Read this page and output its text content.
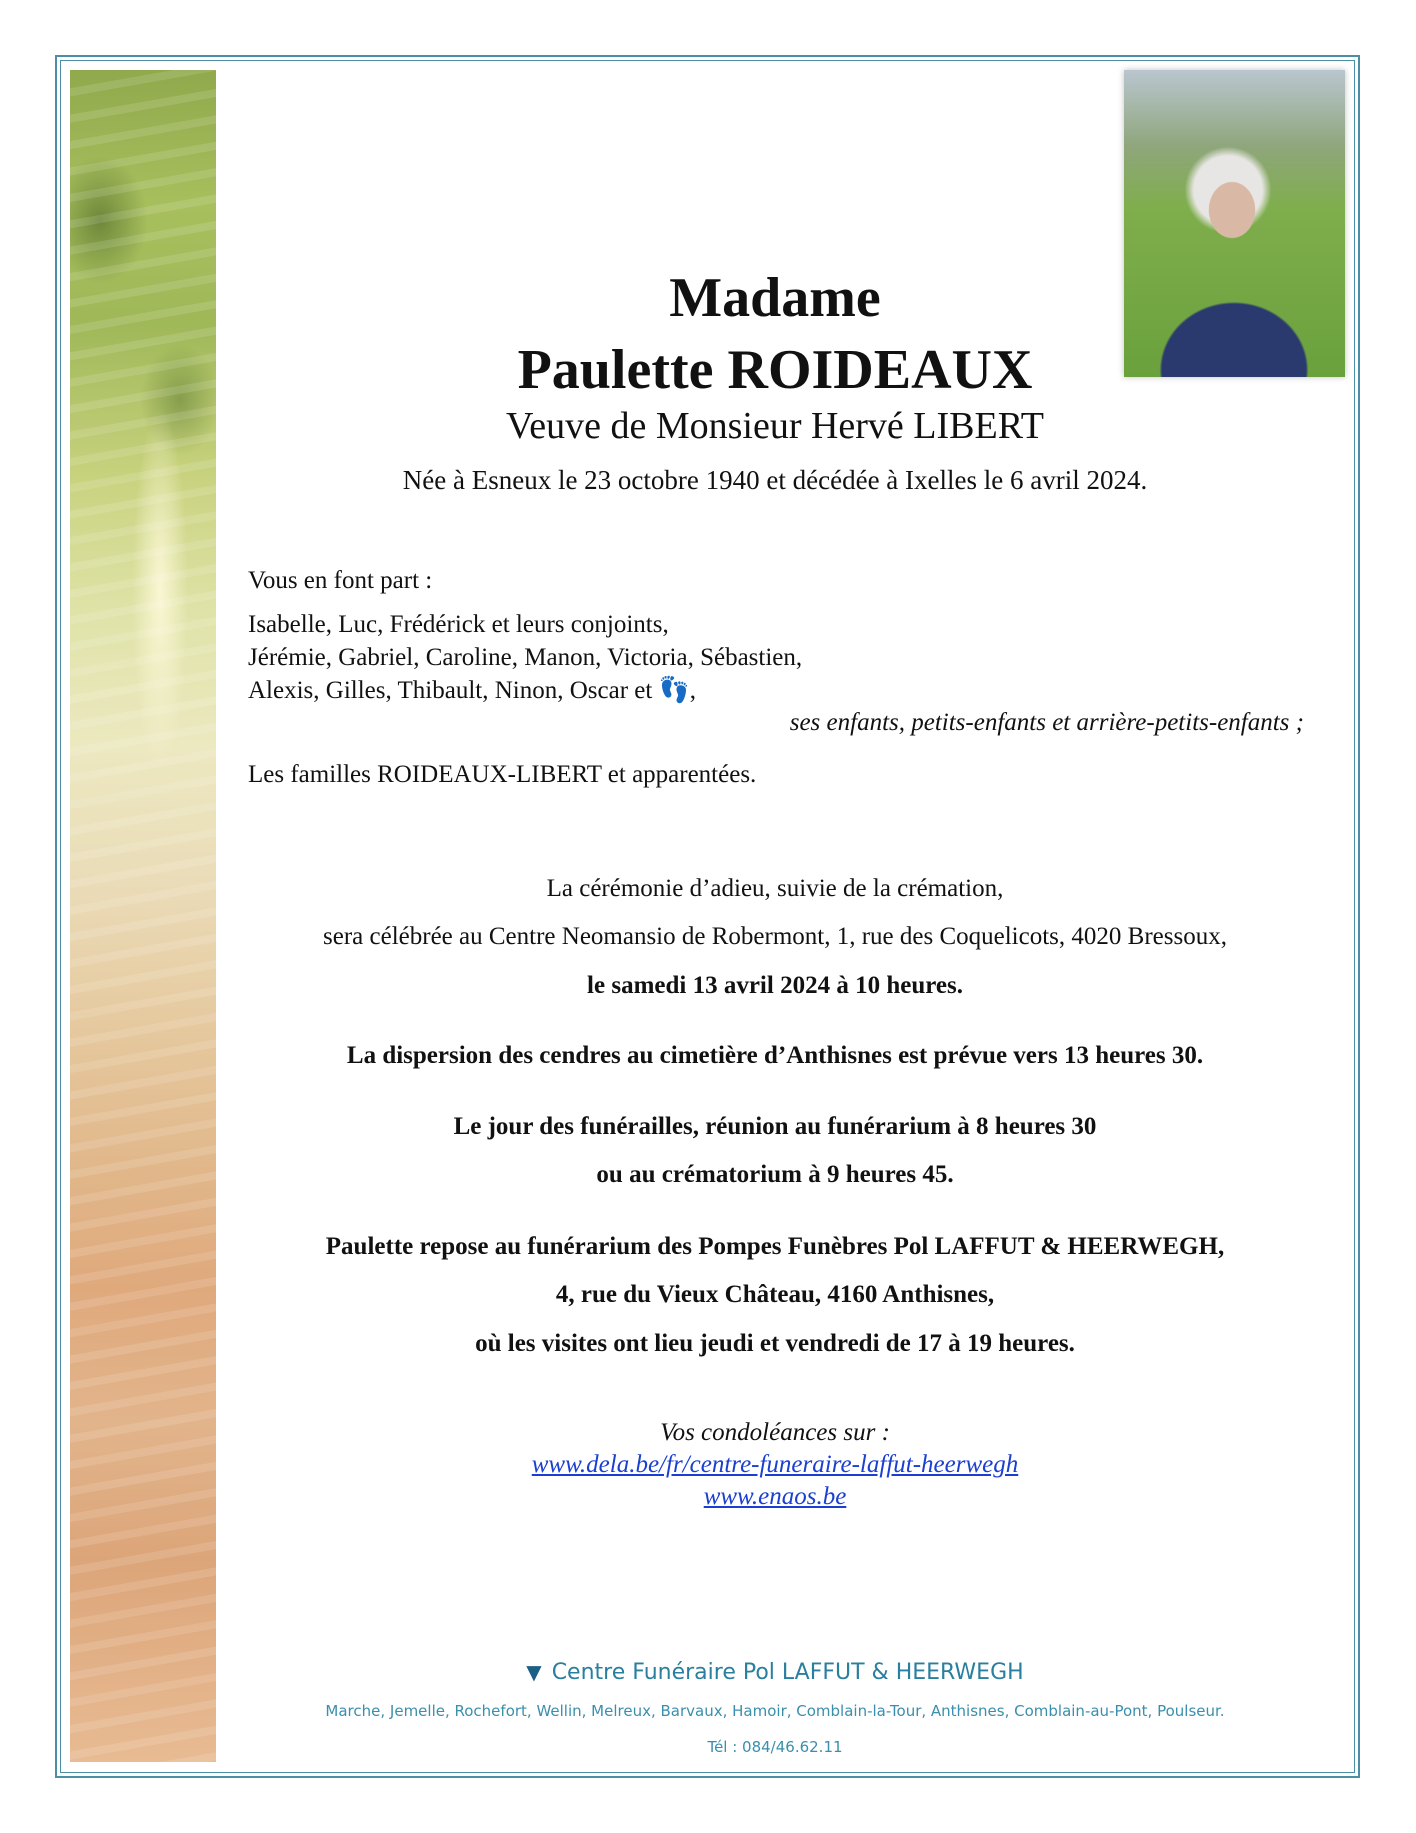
Madame
Paulette ROIDEAUX
Veuve de Monsieur Hervé LIBERT
Née à Esneux le 23 octobre 1940 et décédée à Ixelles le 6 avril 2024.
Vous en font part :
Isabelle, Luc, Frédérick et leurs conjoints,
Jérémie, Gabriel, Caroline, Manon, Victoria, Sébastien,
Alexis, Gilles, Thibault, Ninon, Oscar et 👣,
ses enfants, petits-enfants et arrière-petits-enfants ;
Les familles ROIDEAUX-LIBERT et apparentées.
La cérémonie d’adieu, suivie de la crémation,
sera célébrée au Centre Neomansio de Robermont, 1, rue des Coquelicots, 4020 Bressoux,
le samedi 13 avril 2024 à 10 heures.
La dispersion des cendres au cimetière d’Anthisnes est prévue vers 13 heures 30.
Le jour des funérailles, réunion au funérarium à 8 heures 30
ou au crématorium à 9 heures 45.
Paulette repose au funérarium des Pompes Funèbres Pol LAFFUT & HEERWEGH,
4, rue du Vieux Château, 4160 Anthisnes,
où les visites ont lieu jeudi et vendredi de 17 à 19 heures.
Vos condoléances sur :
www.dela.be/fr/centre-funeraire-laffut-heerwegh
www.enaos.be
▼ Centre Funéraire Pol LAFFUT & HEERWEGH
Marche, Jemelle, Rochefort, Wellin, Melreux, Barvaux, Hamoir, Comblain-la-Tour, Anthisnes, Comblain-au-Pont, Poulseur.
Tél : 084/46.62.11
